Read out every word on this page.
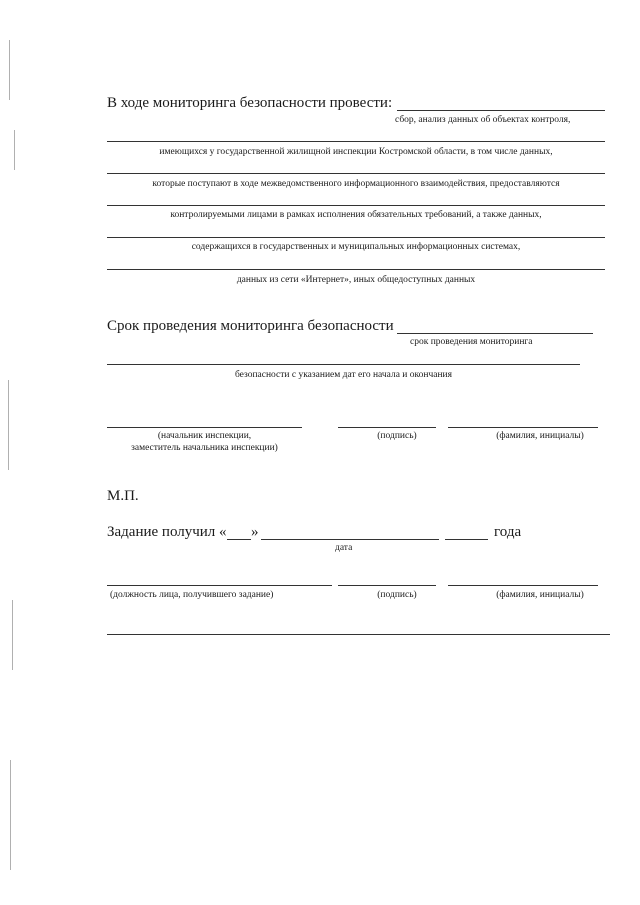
В ходе мониторинга безопасности провести:
сбор, анализ данных об объектах контроля,
имеющихся у государственной жилищной инспекции Костромской области, в том числе данных,
которые поступают в ходе межведомственного информационного взаимодействия, предоставляются
контролируемыми лицами в рамках исполнения обязательных требований, а также данных,
содержащихся в государственных и муниципальных информационных системах,
данных из сети «Интернет», иных общедоступных данных
Срок проведения мониторинга безопасности
срок проведения мониторинга
безопасности с указанием дат его начала и окончания
(начальник инспекции,
заместитель начальника инспекции)
(подпись)	(фамилия, инициалы)
М.П.
Задание получил « »	года
дата
(должность лица, получившего задание)	(подпись)	(фамилия, инициалы)
